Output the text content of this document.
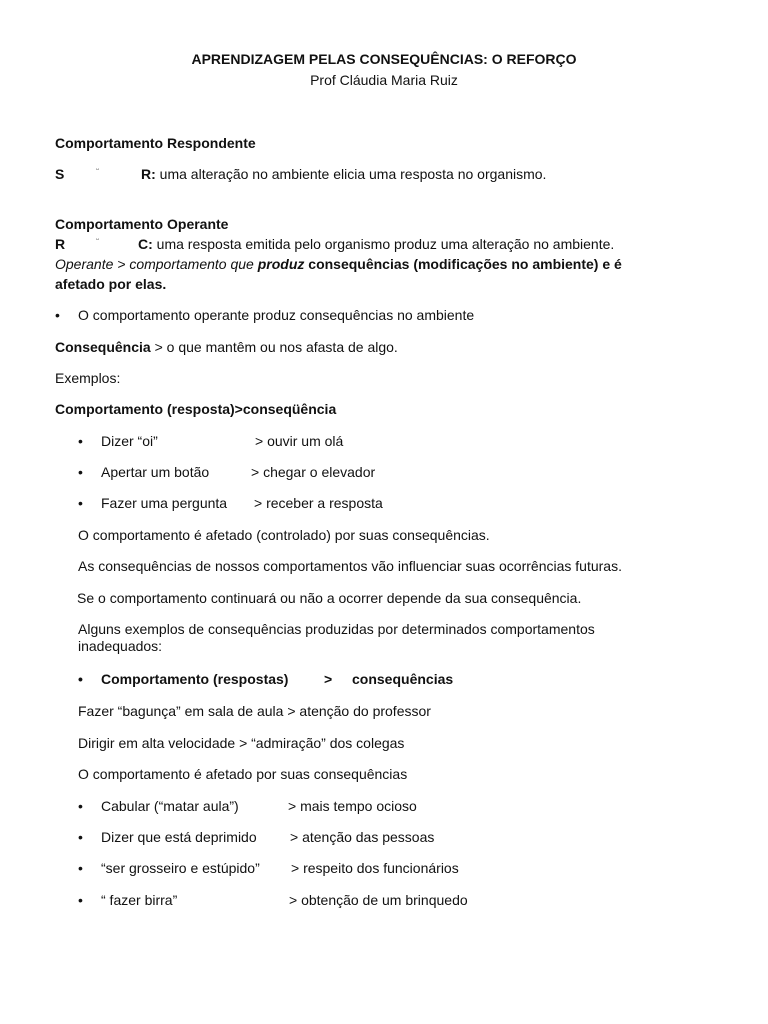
APRENDIZAGEM PELAS CONSEQUÊNCIAS: O REFORÇO
Prof Cláudia Maria Ruiz
Comportamento Respondente
S	ᵕ	R: uma alteração no ambiente elicia uma resposta no organismo.
Comportamento Operante
R	ᵕ	C: uma resposta emitida pelo organismo produz uma alteração no ambiente.
Operante > comportamento que produz consequências (modificações no ambiente) e é
afetado por elas.
• O comportamento operante produz consequências no ambiente
Consequência > o que mantêm ou nos afasta de algo.
Exemplos:
Comportamento (resposta)>conseqüência
• Dizer “oi”	> ouvir um olá
• Apertar um botão	> chegar o elevador
• Fazer uma pergunta > receber a resposta
O comportamento é afetado (controlado) por suas consequências.
As consequências de nossos comportamentos vão influenciar suas ocorrências futuras.
Se o comportamento continuará ou não a ocorrer depende da sua consequência.
Alguns exemplos de consequências produzidas por determinados comportamentos inadequados:
• Comportamento (respostas)	> consequências
Fazer “bagunça” em sala de aula > atenção do professor
Dirigir em alta velocidade > “admiração” dos colegas
O comportamento é afetado por suas consequências
• Cabular (“matar aula”)	> mais tempo ocioso
• Dizer que está deprimido > atenção das pessoas
• “ser grosseiro e estúpido” > respeito dos funcionários
• “ fazer birra”	> obtenção de um brinquedo
